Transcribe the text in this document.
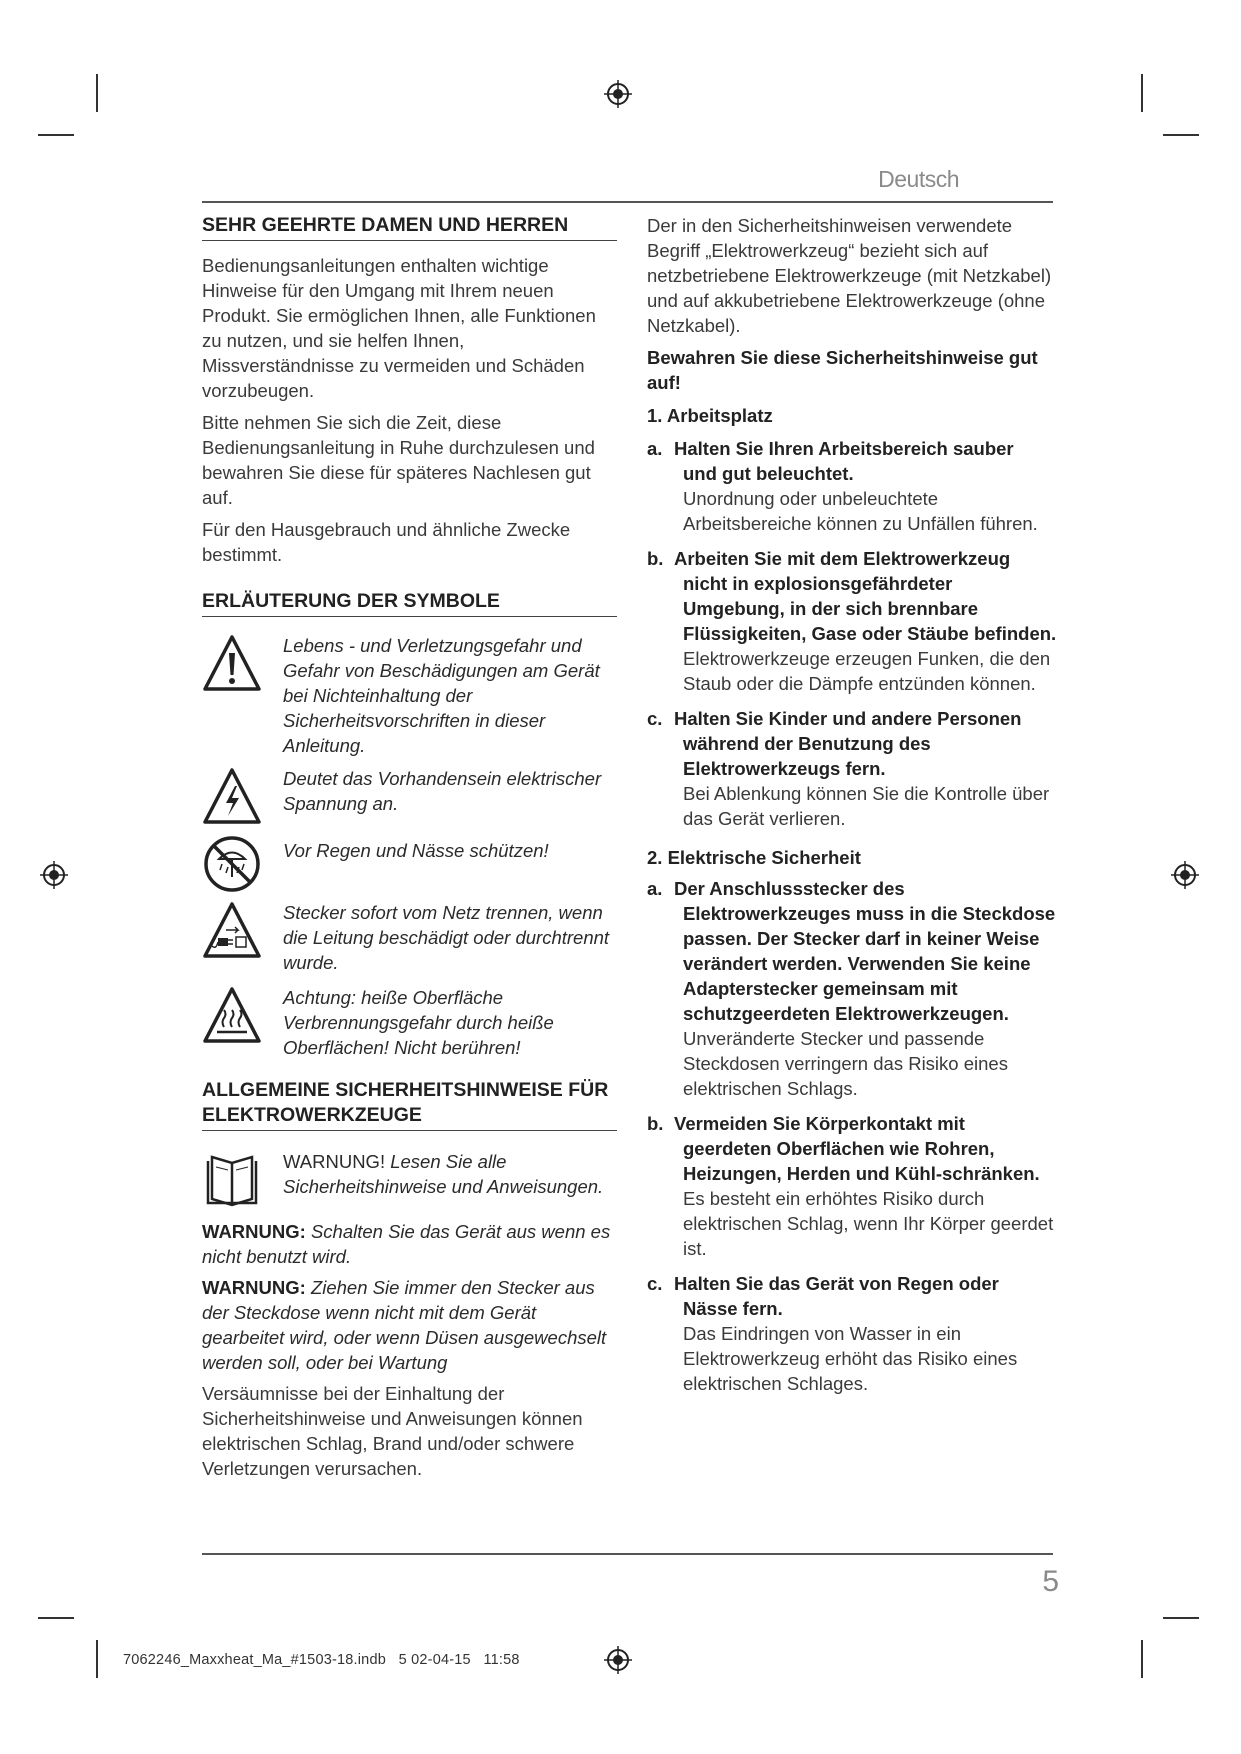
Deutsch
SEHR GEEHRTE DAMEN UND HERREN

Bedienungsanleitungen enthalten wichtige Hinweise für den Umgang mit Ihrem neuen Produkt. Sie ermöglichen Ihnen, alle Funktionen zu nutzen, und sie helfen Ihnen, Missverständnisse zu vermeiden und Schäden vorzubeugen.

Bitte nehmen Sie sich die Zeit, diese Bedienungsanleitung in Ruhe durchzulesen und bewahren Sie diese für späteres Nachlesen gut auf.

Für den Hausgebrauch und ähnliche Zwecke bestimmt.

ERLÄUTERUNG DER SYMBOLE
Lebens - und Verletzungsgefahr und Gefahr von Beschädigungen am Gerät bei Nichteinhaltung der Sicherheitsvorschriften in dieser Anleitung.
Deutet das Vorhandensein elektrischer Spannung an.
Vor Regen und Nässe schützen!
Stecker sofort vom Netz trennen, wenn die Leitung beschädigt oder durchtrennt wurde.
Achtung: heiße Oberfläche Verbrennungsgefahr durch heiße Oberflächen! Nicht berühren!
ALLGEMEINE SICHERHEITSHINWEISE FÜR ELEKTROWERKZEUGE
WARNUNG! Lesen Sie alle Sicherheitshinweise und Anweisungen.
WARNUNG: Schalten Sie das Gerät aus wenn es nicht benutzt wird.
WARNUNG: Ziehen Sie immer den Stecker aus der Steckdose wenn nicht mit dem Gerät gearbeitet wird, oder wenn Düsen ausgewechselt werden soll, oder bei Wartung

Versäumnisse bei der Einhaltung der Sicherheitshinweise und Anweisungen können elektrischen Schlag, Brand und/oder schwere Verletzungen verursachen.

Der in den Sicherheitshinweisen verwendete Begriff „Elektrowerkzeug“ bezieht sich auf netzbetriebene Elektrowerkzeuge (mit Netzkabel) und auf akkubetriebene Elektrowerkzeuge (ohne Netzkabel).

Bewahren Sie diese Sicherheitshinweise gut auf!

1. Arbeitsplatz
a. Halten Sie Ihren Arbeitsbereich sauber
und gut beleuchtet.
Unordnung oder unbeleuchtete Arbeitsbereiche können zu Unfällen führen.
b. Arbeiten Sie mit dem Elektrowerkzeug
nicht in explosionsgefährdeter Umgebung, in der sich brennbare Flüssigkeiten, Gase oder Stäube befinden.
Elektrowerkzeuge erzeugen Funken, die den Staub oder die Dämpfe entzünden können.
c. Halten Sie Kinder und andere Personen
während der Benutzung des Elektrowerkzeugs fern.
Bei Ablenkung können Sie die Kontrolle über das Gerät verlieren.
2. Elektrische Sicherheit
a. Der Anschlussstecker des
Elektrowerkzeuges muss in die Steckdose passen. Der Stecker darf in keiner Weise verändert werden. Verwenden Sie keine Adapterstecker gemeinsam mit schutzgeerdeten Elektrowerkzeugen.
Unveränderte Stecker und passende Steckdosen verringern das Risiko eines elektrischen Schlags.
b. Vermeiden Sie Körperkontakt mit
geerdeten Oberflächen wie Rohren, Heizungen, Herden und Kühl-schränken.
Es besteht ein erhöhtes Risiko durch elektrischen Schlag, wenn Ihr Körper geerdet ist.
c. Halten Sie das Gerät von Regen oder
Nässe fern.
Das Eindringen von Wasser in ein Elektrowerkzeug erhöht das Risiko eines elektrischen Schlages.
5
7062246_Maxxheat_Ma_#1503-18.indb   5 02-04-15   11:58
